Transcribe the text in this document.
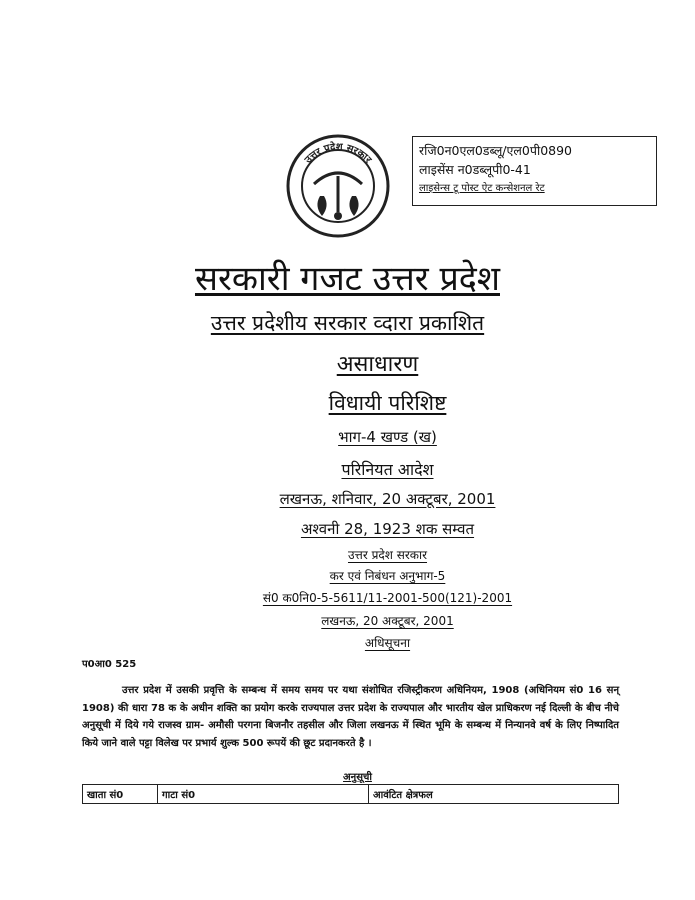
उत्तर प्रदेश सरकार
रजि0न0एल0डब्लू/एल0पी0890
लाइसेंस न0डब्लूपी0-41
लाइसेन्स टू पोस्ट ऐट कन्सेशनल रेट
सरकारी गजट उत्तर प्रदेश
उत्तर प्रदेशीय सरकार व्दारा प्रकाशित
असाधारण
विधायी परिशिष्ट
भाग-4 खण्ड (ख)
परिनियत आदेश
लखनऊ, शनिवार, 20 अक्टूबर, 2001
अश्वनी 28, 1923 शक सम्वत
उत्तर प्रदेश सरकार
कर एवं निबंधन अनुभाग-5
सं0 क0नि0-5-5611/11-2001-500(121)-2001
लखनऊ, 20 अक्टूबर, 2001
अधिसूचना
प0आ0 525
उत्तर प्रदेश में उसकी प्रवृत्ति के सम्बन्ध में समय समय पर यथा संशोधित रजिस्ट्रीकरण अधिनियम, 1908 (अधिनियम सं0 16 सन् 1908) की धारा 78 क के अधीन शक्ति का प्रयोग करके राज्यपाल उत्तर प्रदेश के राज्यपाल और भारतीय खेल प्राधिकरण नई दिल्ली के बीच नीचे अनुसूची में दिये गये राजस्व ग्राम- अमौसी परगना बिजनौर तहसील और जिला लखनऊ में स्थित भूमि के सम्बन्ध में निन्यानवे वर्ष के लिए निष्पादित किये जाने वाले पट्टा विलेख पर प्रभार्य शुल्क 500 रूपयें की छूट प्रदानकरते है ।
अनुसूची
खाता सं0	गाटा सं0	आवंटित क्षेत्रफल
